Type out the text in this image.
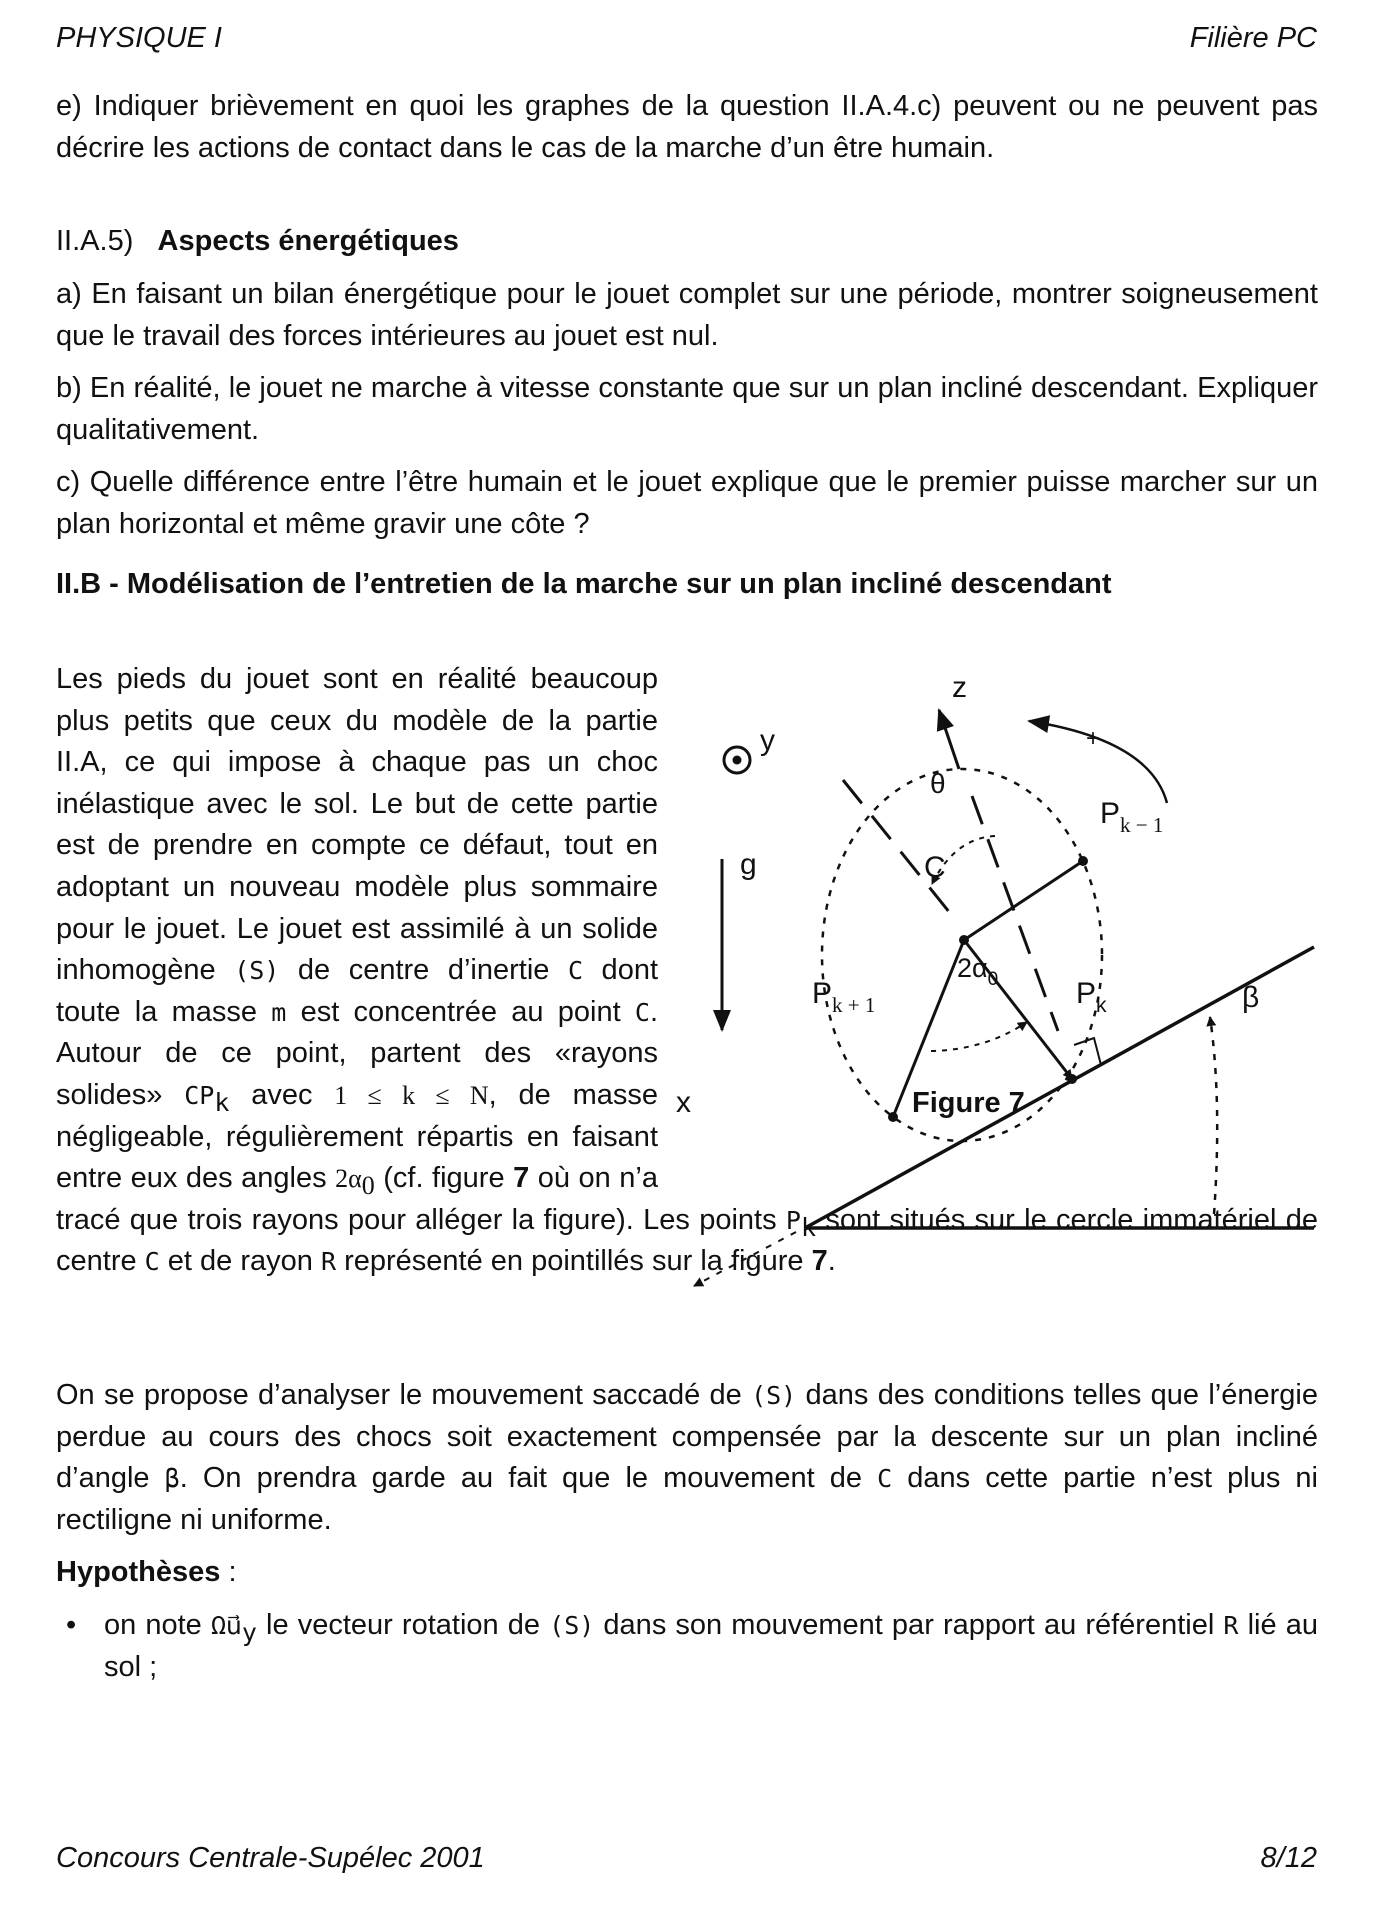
PHYSIQUE I	Filière PC
e) Indiquer brièvement en quoi les graphes de la question II.A.4.c) peuvent ou ne peuvent pas décrire les actions de contact dans le cas de la marche d’un être humain.
II.A.5) Aspects énergétiques
a) En faisant un bilan énergétique pour le jouet complet sur une période, montrer soigneusement que le travail des forces intérieures au jouet est nul.
b) En réalité, le jouet ne marche à vitesse constante que sur un plan incliné descendant. Expliquer qualitativement.
c) Quelle différence entre l’être humain et le jouet explique que le premier puisse marcher sur un plan horizontal et même gravir une côte ?
II.B - Modélisation de l’entretien de la marche sur un plan incliné descendant
Les pieds du jouet sont en réalité beaucoup plus petits que ceux du modèle de la partie II.A, ce qui impose à chaque pas un choc inélastique avec le sol. Le but de cette partie est de prendre en compte ce défaut, tout en adoptant un nouveau modèle plus sommaire pour le jouet. Le jouet est assimilé à un solide inhomogène (S) de centre d’inertie C dont toute la masse m est concentrée au point C. Autour de ce point, partent des «rayons solides» $CP_k$ avec 1 ≤ k ≤ N, de masse négligeable, régulièrement répartis en faisant entre eux des angles $2\alpha_0$ (cf. figure 7 où on n’a tracé que trois rayons pour alléger la figure). Les points $P_k$ sont situés sur le cercle immatériel de centre C et de rayon R représenté en pointillés sur la figure 7.
On se propose d’analyser le mouvement saccadé de (S) dans des conditions telles que l’énergie perdue au cours des chocs soit exactement compensée par la descente sur un plan incliné d’angle β. On prendra garde au fait que le mouvement de C dans cette partie n’est plus ni rectiligne ni uniforme.
Hypothèses :
• on note $\Omega u⃗_y$ le vecteur rotation de (S) dans son mouvement par rapport au référentiel R lié au sol ;
y
z
g
+
θ
C
$P_{k - 1}$
$P_k$
$P_{k + 1}$
$2\alpha_0$
β
x	Figure 7
Concours Centrale-Supélec 2001	8/12
